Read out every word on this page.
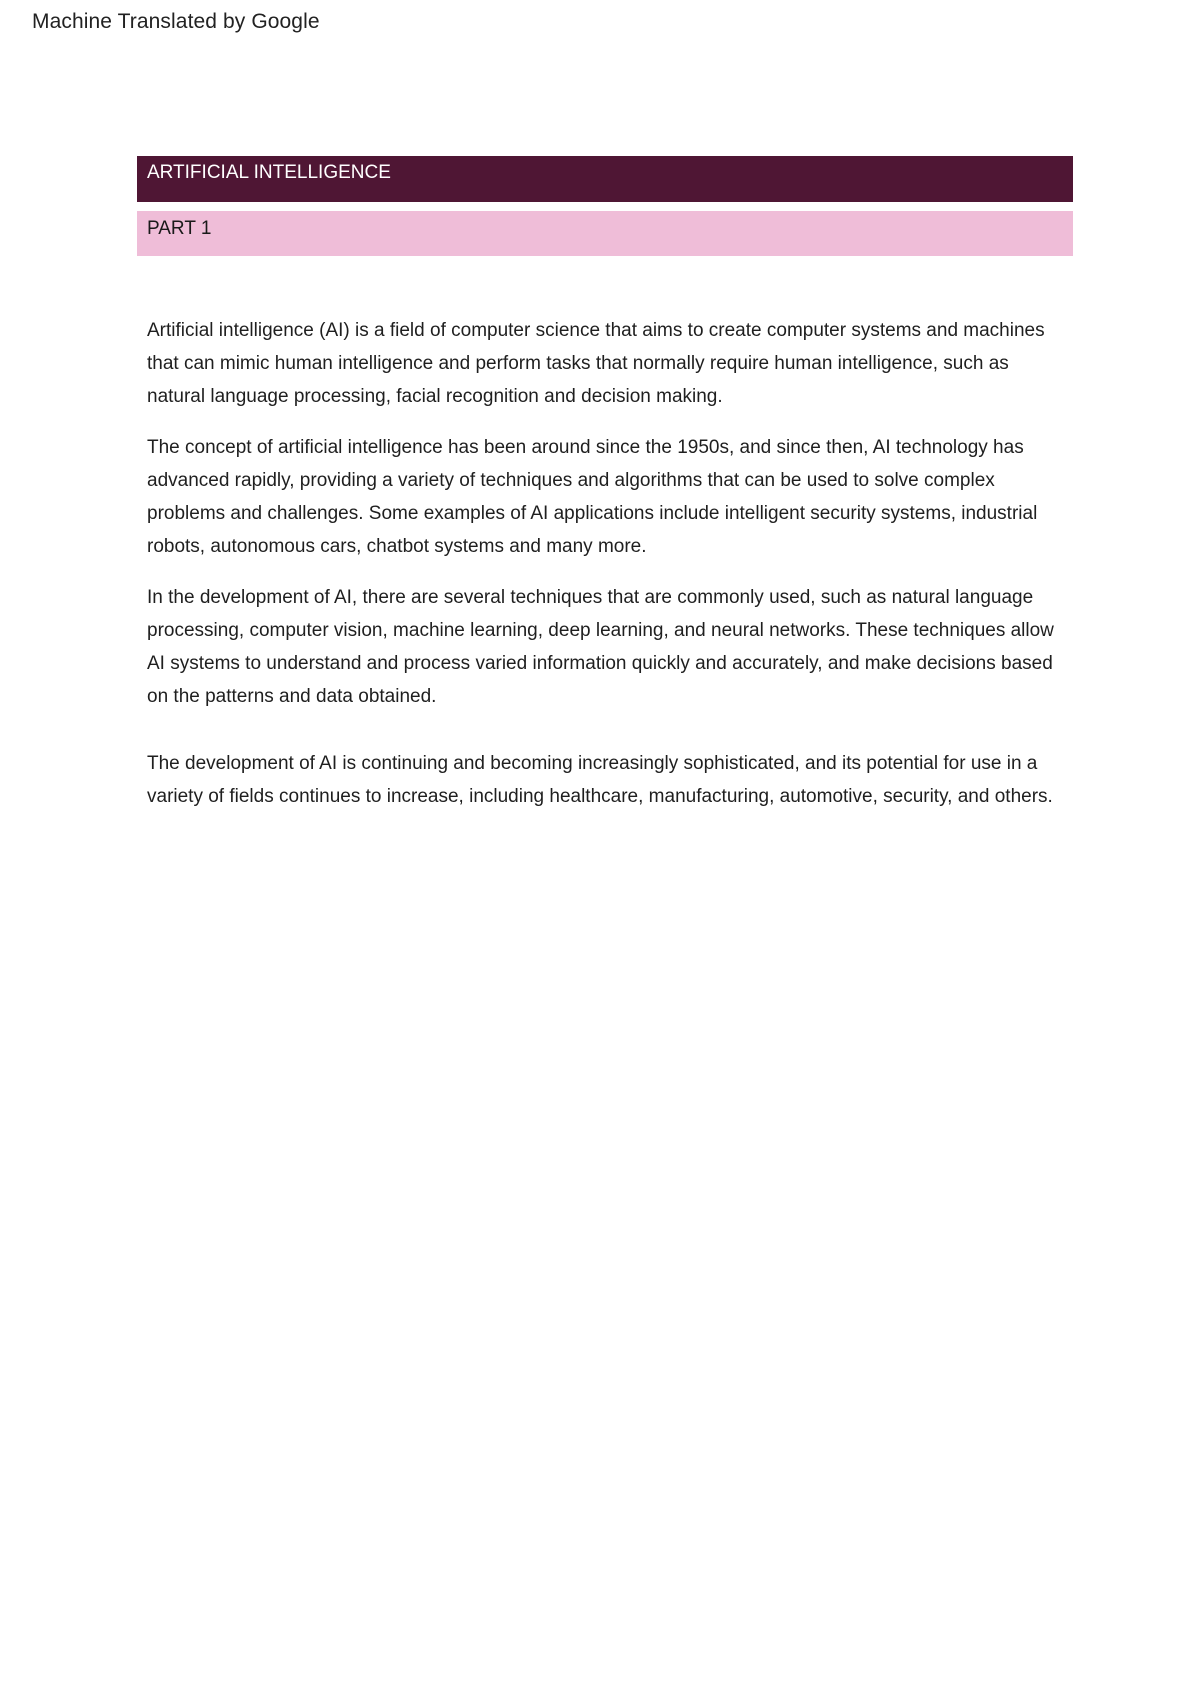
Machine Translated by Google
ARTIFICIAL INTELLIGENCE
PART 1

Artificial intelligence (AI) is a field of computer science that aims to create computer systems and machines that can mimic human intelligence and perform tasks that normally require human intelligence, such as natural language processing, facial recognition and decision making.

The concept of artificial intelligence has been around since the 1950s, and since then, AI technology has advanced rapidly, providing a variety of techniques and algorithms that can be used to solve complex problems and challenges. Some examples of AI applications include intelligent security systems, industrial robots, autonomous cars, chatbot systems and many more.

In the development of AI, there are several techniques that are commonly used, such as natural language processing, computer vision, machine learning, deep learning, and neural networks. These techniques allow AI systems to understand and process varied information quickly and accurately, and make decisions based on the patterns and data obtained.

The development of AI is continuing and becoming increasingly sophisticated, and its potential for use in a variety of fields continues to increase, including healthcare, manufacturing, automotive, security, and others.
